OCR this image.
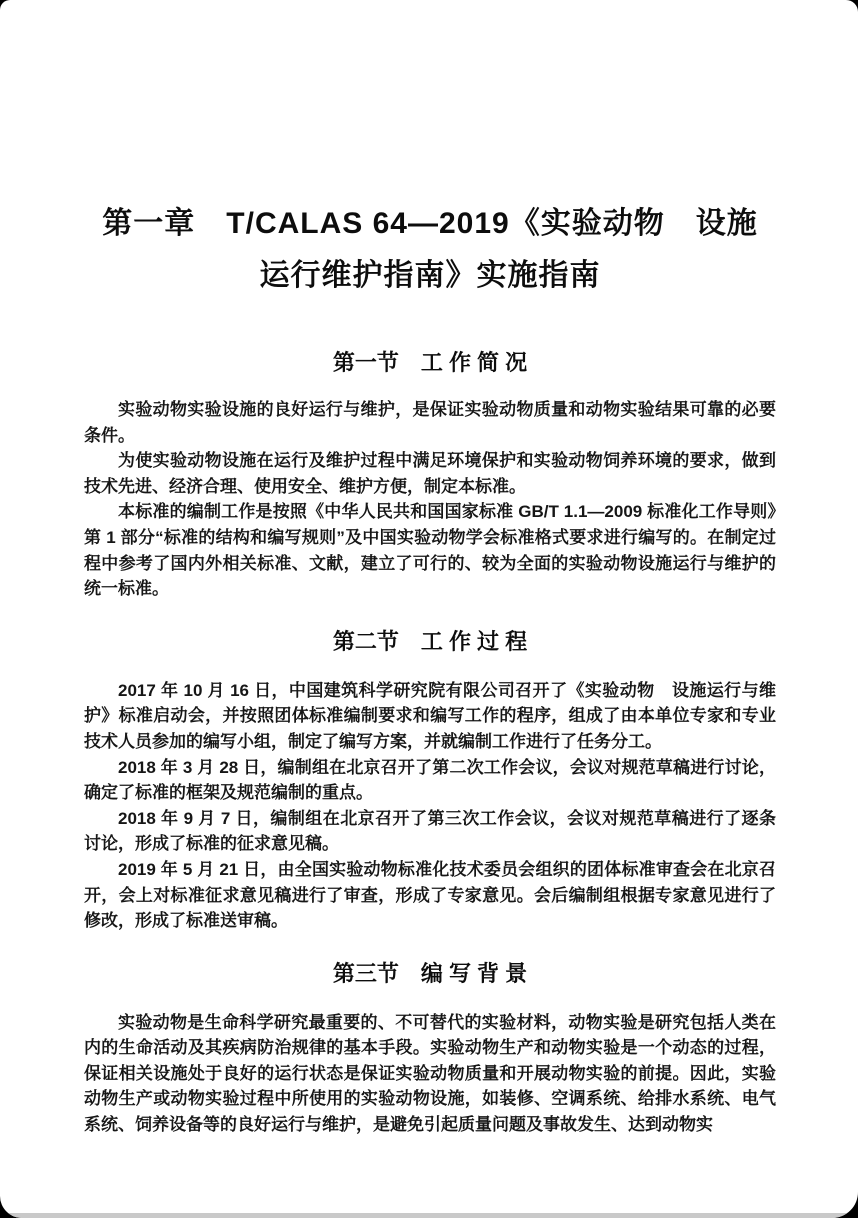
第一章　T/CALAS 64—2019《实验动物　设施
运行维护指南》实施指南
第一节　工 作 简 况

实验动物实验设施的良好运行与维护，是保证实验动物质量和动物实验结果可靠的必要条件。

为使实验动物设施在运行及维护过程中满足环境保护和实验动物饲养环境的要求，做到技术先进、经济合理、使用安全、维护方便，制定本标准。

本标准的编制工作是按照《中华人民共和国国家标准 GB/T 1.1—2009 标准化工作导则》第 1 部分“标准的结构和编写规则”及中国实验动物学会标准格式要求进行编写的。在制定过程中参考了国内外相关标准、文献，建立了可行的、较为全面的实验动物设施运行与维护的统一标准。

第二节　工 作 过 程

2017 年 10 月 16 日，中国建筑科学研究院有限公司召开了《实验动物　设施运行与维护》标准启动会，并按照团体标准编制要求和编写工作的程序，组成了由本单位专家和专业技术人员参加的编写小组，制定了编写方案，并就编制工作进行了任务分工。

2018 年 3 月 28 日，编制组在北京召开了第二次工作会议，会议对规范草稿进行讨论，确定了标准的框架及规范编制的重点。

2018 年 9 月 7 日，编制组在北京召开了第三次工作会议，会议对规范草稿进行了逐条讨论，形成了标准的征求意见稿。

2019 年 5 月 21 日，由全国实验动物标准化技术委员会组织的团体标准审查会在北京召开，会上对标准征求意见稿进行了审查，形成了专家意见。会后编制组根据专家意见进行了修改，形成了标准送审稿。

第三节　编 写 背 景

实验动物是生命科学研究最重要的、不可替代的实验材料，动物实验是研究包括人类在内的生命活动及其疾病防治规律的基本手段。实验动物生产和动物实验是一个动态的过程，保证相关设施处于良好的运行状态是保证实验动物质量和开展动物实验的前提。因此，实验动物生产或动物实验过程中所使用的实验动物设施，如装修、空调系统、给排水系统、电气系统、饲养设备等的良好运行与维护，是避免引起质量问题及事故发生、达到动物实
